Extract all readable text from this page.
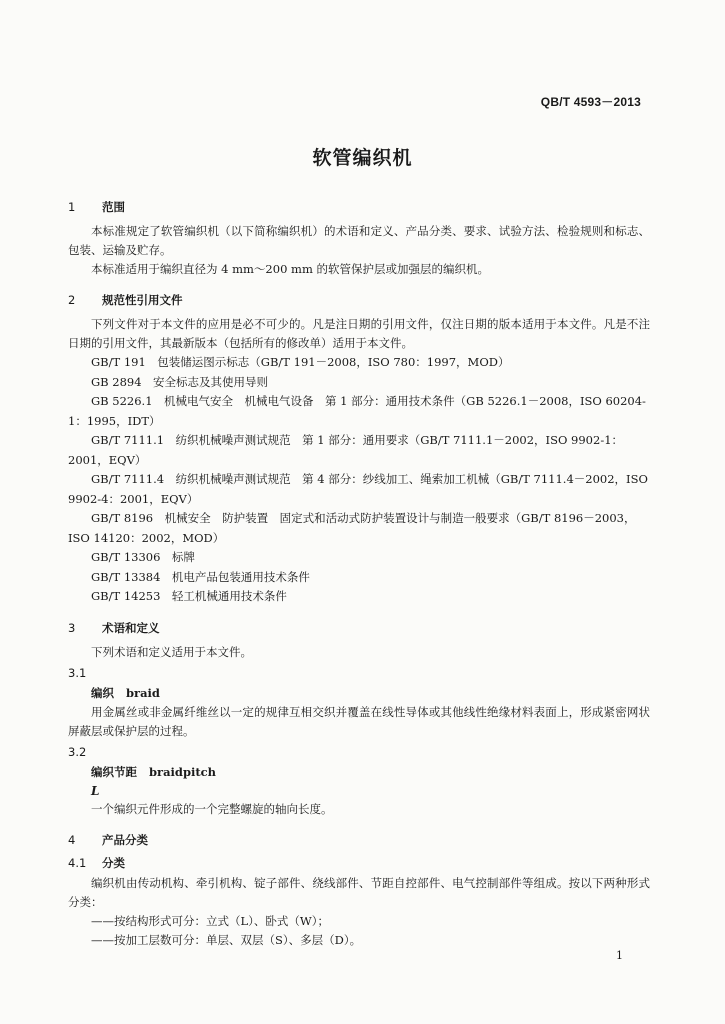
QB/T 4593－2013
软管编织机
1 范围

本标准规定了软管编织机（以下简称编织机）的术语和定义、产品分类、要求、试验方法、检验规则和标志、包装、运输及贮存。

本标准适用于编织直径为 4 mm～200 mm 的软管保护层或加强层的编织机。

2 规范性引用文件

下列文件对于本文件的应用是必不可少的。凡是注日期的引用文件，仅注日期的版本适用于本文件。凡是不注日期的引用文件，其最新版本（包括所有的修改单）适用于本文件。

GB/T 191　包装储运图示标志（GB/T 191－2008，ISO 780：1997，MOD）
GB 2894　安全标志及其使用导则
GB 5226.1　机械电气安全　机械电气设备　第 1 部分：通用技术条件（GB 5226.1－2008，ISO 60204-1：1995，IDT）
GB/T 7111.1　纺织机械噪声测试规范　第 1 部分：通用要求（GB/T 7111.1－2002，ISO 9902-1：2001，EQV）
GB/T 7111.4　纺织机械噪声测试规范　第 4 部分：纱线加工、绳索加工机械（GB/T 7111.4－2002，ISO 9902-4：2001，EQV）
GB/T 8196　机械安全　防护装置　固定式和活动式防护装置设计与制造一般要求（GB/T 8196－2003，ISO 14120：2002，MOD）
GB/T 13306　标牌
GB/T 13384　机电产品包装通用技术条件
GB/T 14253　轻工机械通用技术条件
3 术语和定义

下列术语和定义适用于本文件。

3.1
编织 braid

用金属丝或非金属纤维丝以一定的规律互相交织并覆盖在线性导体或其他线性绝缘材料表面上，形成紧密网状屏蔽层或保护层的过程。

3.2
编织节距 braidpitch
L

一个编织元件形成的一个完整螺旋的轴向长度。

4 产品分类
4.1 分类

编织机由传动机构、牵引机构、锭子部件、绕线部件、节距自控部件、电气控制部件等组成。按以下两种形式分类：

——按结构形式可分：立式（L）、卧式（W）；
——按加工层数可分：单层、双层（S）、多层（D）。
1
